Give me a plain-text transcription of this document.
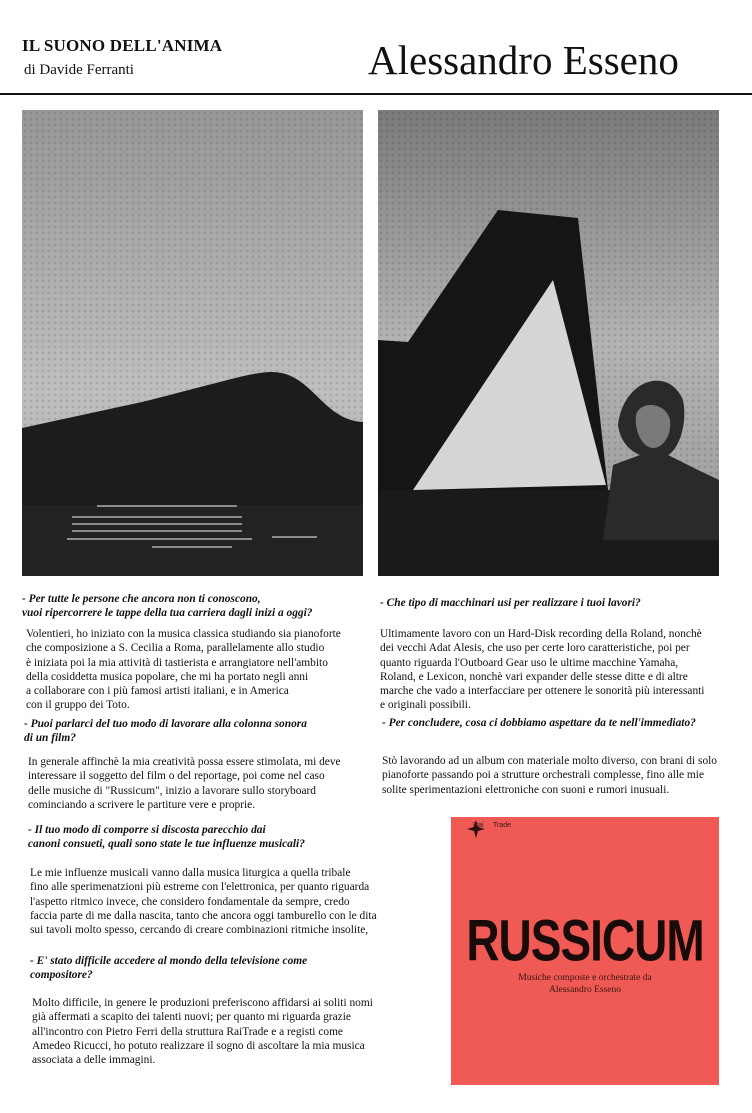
IL SUONO DELL'ANIMA
di Davide Ferranti	Alessandro Esseno
- Per tutte le persone che ancora non ti conoscono,
vuoi ripercorrere le tappe della tua carriera dagli inizi a oggi?
Volentieri, ho iniziato con la musica classica studiando sia pianoforte
che composizione a S. Cecilia a Roma, parallelamente allo studio
è iniziata poi la mia attività di tastierista e arrangiatore nell'ambito
della cosiddetta musica popolare, che mi ha portato negli anni
a collaborare con i più famosi artisti italiani, e in America
con il gruppo dei Toto.
- Puoi parlarci del tuo modo di lavorare alla colonna sonora
di un film?
In generale affinchè la mia creatività possa essere stimolata, mi deve
interessare il soggetto del film o del reportage, poi come nel caso
delle musiche di "Russicum", inizio a lavorare sullo storyboard
cominciando a scrivere le partiture vere e proprie.
- Il tuo modo di comporre si discosta parecchio dai
canoni consueti, quali sono state le tue influenze musicali?
Le mie influenze musicali vanno dalla musica liturgica a quella tribale
fino alle sperimenatzioni più estreme con l'elettronica, per quanto riguarda
l'aspetto ritmico invece, che considero fondamentale da sempre, credo
faccia parte di me dalla nascita, tanto che ancora oggi tamburello con le dita
sui tavoli molto spesso, cercando di creare combinazioni ritmiche insolite,
- E' stato difficile accedere al mondo della televisione come
compositore?
Molto difficile, in genere le produzioni preferiscono affidarsi ai soliti nomi
già affermati a scapito dei talenti nuovi; per quanto mi riguarda grazie
all'incontro con Pietro Ferri della struttura RaiTrade e a registi come
Amedeo Ricucci, ho potuto realizzare il sogno di ascoltare la mia musica
associata a delle immagini.
- Che tipo di macchinari usi per realizzare i tuoi lavori?
Ultimamente lavoro con un Hard-Disk recording della Roland, nonchè
dei vecchi Adat Alesis, che uso per certe loro caratteristiche, poi per
quanto riguarda l'Outboard Gear uso le ultime macchine Yamaha,
Roland, e Lexicon, nonchè vari expander delle stesse ditte e di altre
marche che vado a interfacciare per ottenere le sonorità più interessanti
e originali possibili.
- Per concludere, cosa ci dobbiamo aspettare da te nell'immediato?
Stò lavorando ad un album con materiale molto diverso, con brani di solo
pianoforte passando poi a strutture orchestrali complesse, fino alle mie
solite sperimentazioni elettroniche con suoni e rumori inusuali.
Rai Trade
RUSSICUM
Musiche composte e orchestrate da
Alessandro Esseno
